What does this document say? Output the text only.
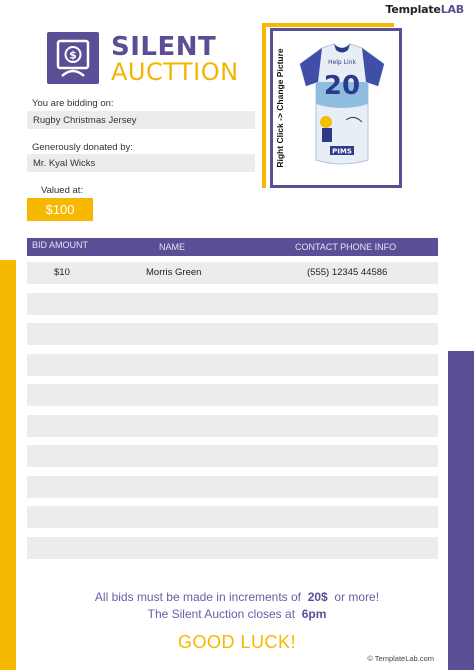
TemplateLAB
$ SILENT
AUCTTION
You are bidding on:
Rugby Christmas Jersey
Generously donated by:
Mr. Kyal Wicks
Valued at:
$100
Right Click -> Change Picture	Help Link
20
PIMS
BID AMOUNT	NAME	CONTACT PHONE INFO
$10	Morris Green	(555) 12345 44586
All bids must be made in increments of 20$ or more!
The Silent Auction closes at 6pm
GOOD LUCK!
© TemplateLab.com
